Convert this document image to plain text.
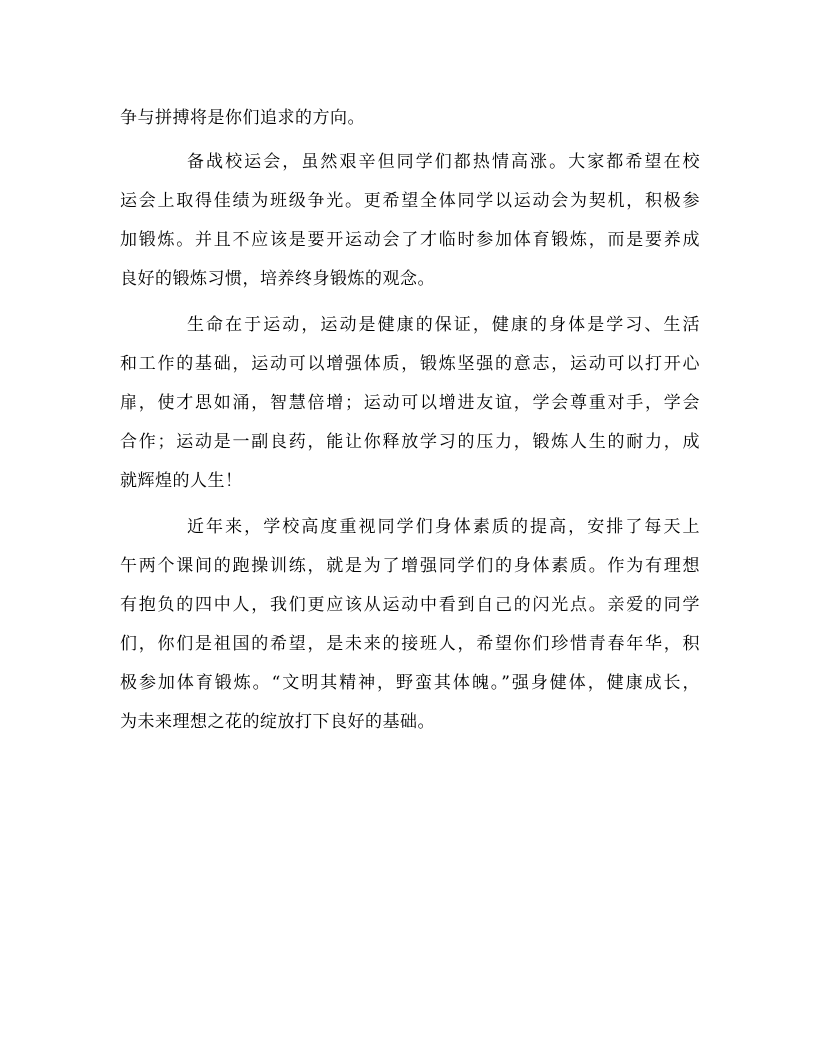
争与拼搏将是你们追求的方向。
备战校运会，虽然艰辛但同学们都热情高涨。大家都希望在校
运会上取得佳绩为班级争光。更希望全体同学以运动会为契机，积极参
加锻炼。并且不应该是要开运动会了才临时参加体育锻炼，而是要养成
良好的锻炼习惯，培养终身锻炼的观念。
生命在于运动，运动是健康的保证，健康的身体是学习、生活
和工作的基础，运动可以增强体质，锻炼坚强的意志，运动可以打开心
扉，使才思如涌，智慧倍增；运动可以增进友谊，学会尊重对手，学会
合作；运动是一副良药，能让你释放学习的压力，锻炼人生的耐力，成
就辉煌的人生！
近年来，学校高度重视同学们身体素质的提高，安排了每天上
午两个课间的跑操训练，就是为了增强同学们的身体素质。作为有理想
有抱负的四中人，我们更应该从运动中看到自己的闪光点。亲爱的同学
们，你们是祖国的希望，是未来的接班人，希望你们珍惜青春年华，积
极参加体育锻炼。“文明其精神，野蛮其体魄。”强身健体，健康成长，
为未来理想之花的绽放打下良好的基础。
